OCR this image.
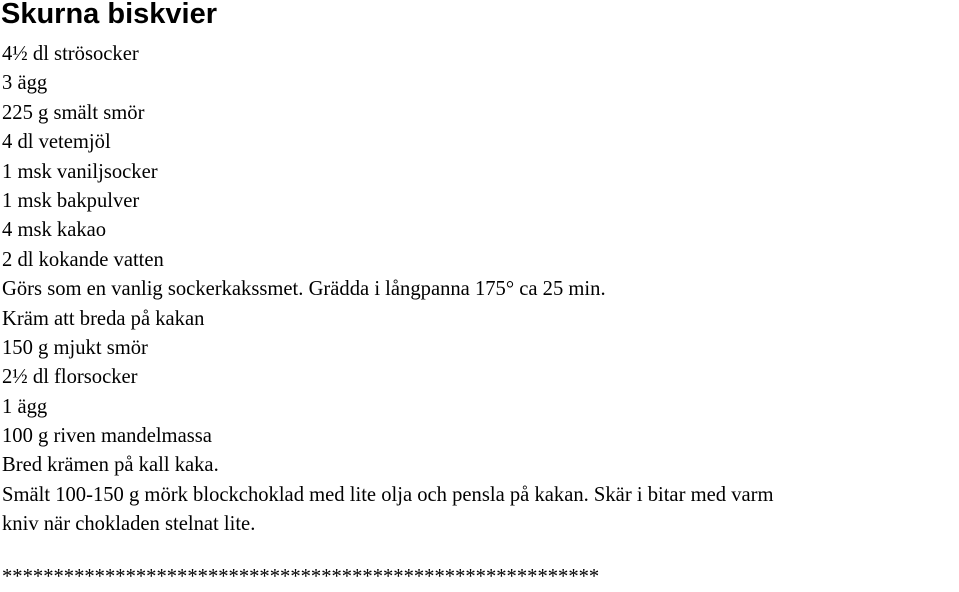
Skurna biskvier
4½ dl strösocker
3 ägg
225 g smält smör
4 dl vetemjöl
1 msk vaniljsocker
1 msk bakpulver
4 msk kakao
2 dl kokande vatten
Görs som en vanlig sockerkakssmet. Grädda i långpanna 175° ca 25 min.
Kräm att breda på kakan
150 g mjukt smör
2½ dl florsocker
1 ägg
100 g riven mandelmassa
Bred krämen på kall kaka.
Smält 100-150 g mörk blockchoklad med lite olja och pensla på kakan. Skär i bitar med varm
kniv när chokladen stelnat lite.
**********************************************************
